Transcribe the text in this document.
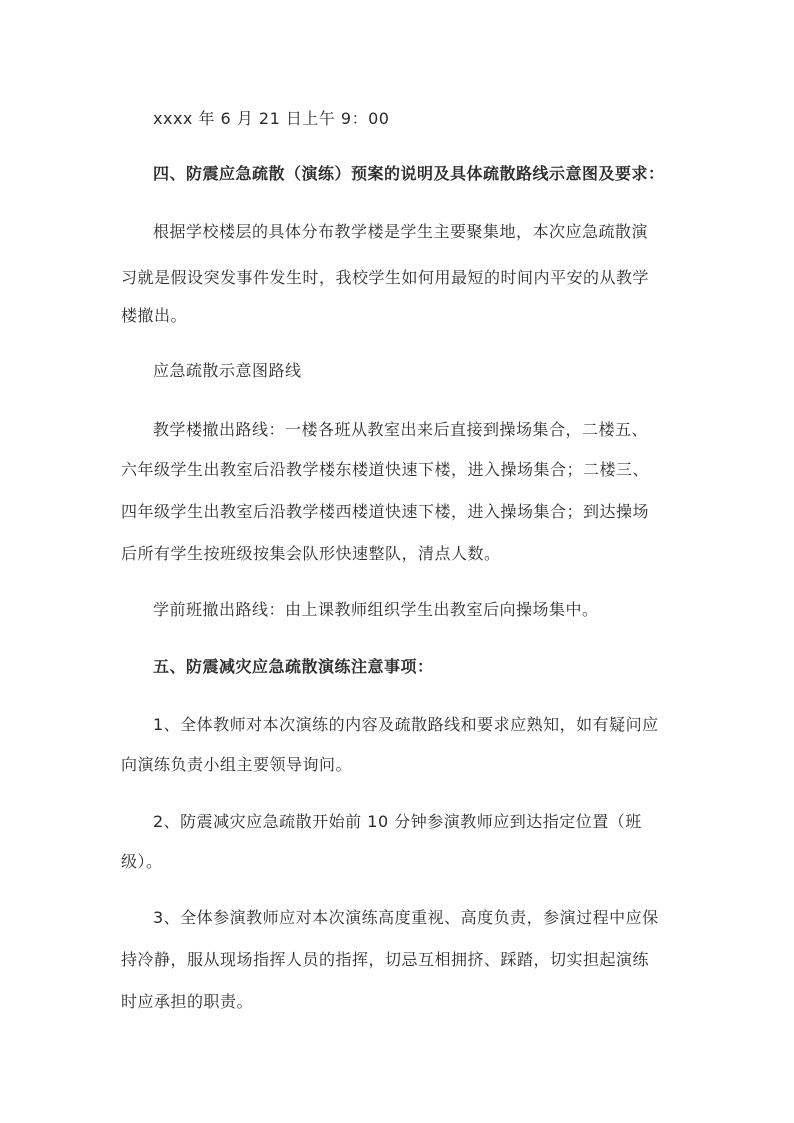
xxxx 年 6 月 21 日上午 9：00
四、防震应急疏散（演练）预案的说明及具体疏散路线示意图及要求：
根据学校楼层的具体分布教学楼是学生主要聚集地，本次应急疏散演
习就是假设突发事件发生时，我校学生如何用最短的时间内平安的从教学
楼撤出。
应急疏散示意图路线
教学楼撤出路线：一楼各班从教室出来后直接到操场集合，二楼五、
六年级学生出教室后沿教学楼东楼道快速下楼，进入操场集合；二楼三、
四年级学生出教室后沿教学楼西楼道快速下楼，进入操场集合；到达操场
后所有学生按班级按集会队形快速整队，清点人数。
学前班撤出路线：由上课教师组织学生出教室后向操场集中。
五、防震减灾应急疏散演练注意事项：
1、全体教师对本次演练的内容及疏散路线和要求应熟知，如有疑问应
向演练负责小组主要领导询问。
2、防震减灾应急疏散开始前 10 分钟参演教师应到达指定位置（班
级）。
3、全体参演教师应对本次演练高度重视、高度负责，参演过程中应保
持冷静，服从现场指挥人员的指挥，切忌互相拥挤、踩踏，切实担起演练
时应承担的职责。
